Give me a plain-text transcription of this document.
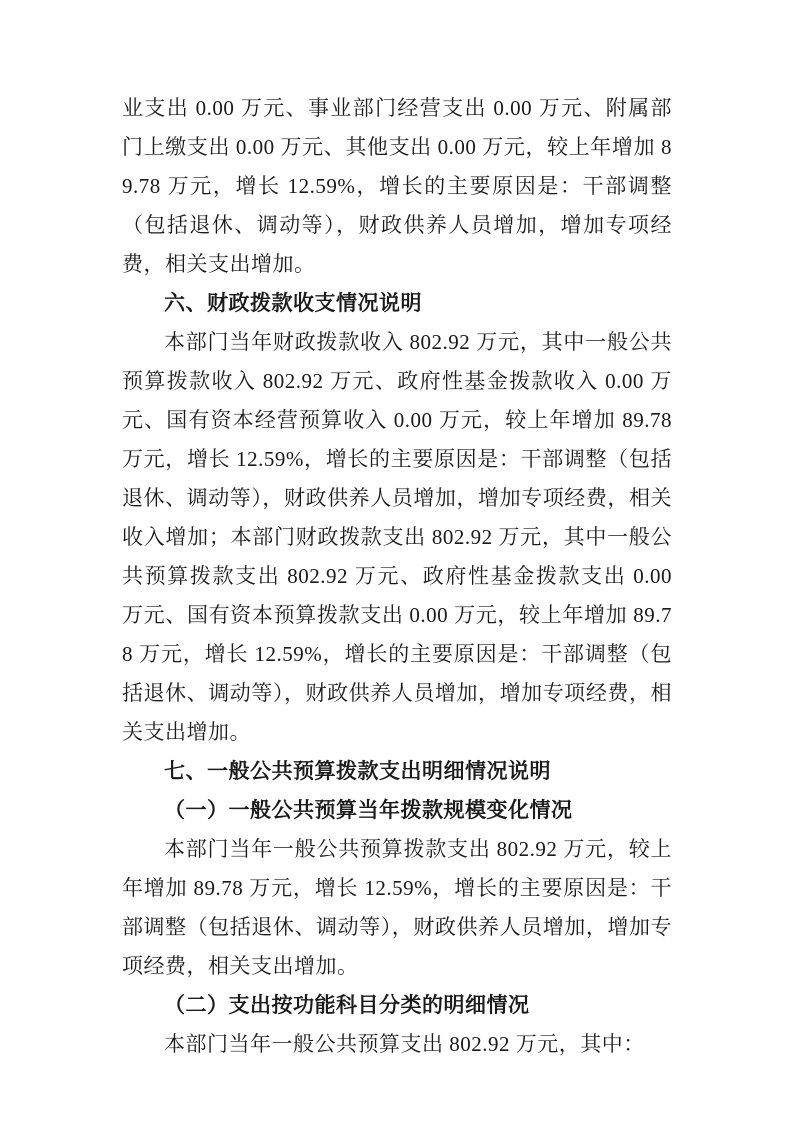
业支出 0.00 万元、事业部门经营支出 0.00 万元、附属部门上缴支出 0.00 万元、其他支出 0.00 万元，较上年增加 89.78 万元，增长 12.59%，增长的主要原因是：干部调整（包括退休、调动等），财政供养人员增加，增加专项经费，相关支出增加。

六、财政拨款收支情况说明

本部门当年财政拨款收入 802.92 万元，其中一般公共预算拨款收入 802.92 万元、政府性基金拨款收入 0.00 万元、国有资本经营预算收入 0.00 万元，较上年增加 89.78 万元，增长 12.59%，增长的主要原因是：干部调整（包括退休、调动等），财政供养人员增加，增加专项经费，相关收入增加；本部门财政拨款支出 802.92 万元，其中一般公共预算拨款支出 802.92 万元、政府性基金拨款支出 0.00 万元、国有资本预算拨款支出 0.00 万元，较上年增加 89.78 万元，增长 12.59%，增长的主要原因是：干部调整（包括退休、调动等），财政供养人员增加，增加专项经费，相关支出增加。

七、一般公共预算拨款支出明细情况说明

（一）一般公共预算当年拨款规模变化情况

本部门当年一般公共预算拨款支出 802.92 万元，较上年增加 89.78 万元，增长 12.59%，增长的主要原因是：干部调整（包括退休、调动等），财政供养人员增加，增加专项经费，相关支出增加。

（二）支出按功能科目分类的明细情况

本部门当年一般公共预算支出 802.92 万元，其中：
